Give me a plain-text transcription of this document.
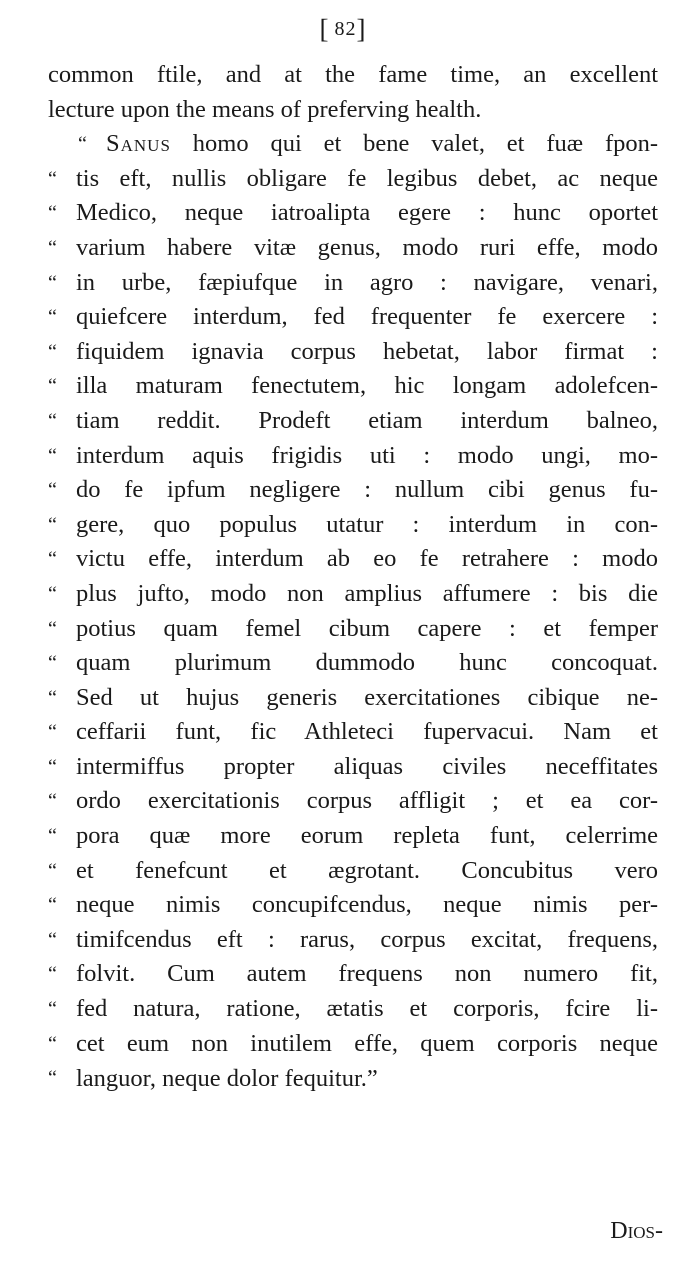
[82]
common ftile, and at the fame time, an excellent
lecture upon the means of preferving health.
“ Sanus homo qui et bene valet, et fuæ fpon-
“ tis eft, nullis obligare fe legibus debet, ac neque
“ Medico, neque iatroalipta egere : hunc oportet
“ varium habere vitæ genus, modo ruri effe, modo
“ in urbe, fæpiufque in agro : navigare, venari,
“ quiefcere interdum, fed frequenter fe exercere :
“ fiquidem ignavia corpus hebetat, labor firmat :
“ illa maturam fenectutem, hic longam adolefcen-
“ tiam reddit. Prodeft etiam interdum balneo,
“ interdum aquis frigidis uti : modo ungi, mo-
“ do fe ipfum negligere : nullum cibi genus fu-
“ gere, quo populus utatur : interdum in con-
“ victu effe, interdum ab eo fe retrahere : modo
“ plus jufto, modo non amplius affumere : bis die
“ potius quam femel cibum capere : et femper
“ quam plurimum dummodo hunc concoquat.
“ Sed ut hujus generis exercitationes cibique ne-
“ ceffarii funt, fic Athleteci fupervacui. Nam et
“ intermiffus propter aliquas civiles neceffitates
“ ordo exercitationis corpus affligit ; et ea cor-
“ pora quæ more eorum repleta funt, celerrime
“ et fenefcunt et ægrotant. Concubitus vero
“ neque nimis concupifcendus, neque nimis per-
“ timifcendus eft : rarus, corpus excitat, frequens,
“ folvit. Cum autem frequens non numero fit,
“ fed natura, ratione, ætatis et corporis, fcire li-
“ cet eum non inutilem effe, quem corporis neque
“ languor, neque dolor fequitur.”
Dios-
